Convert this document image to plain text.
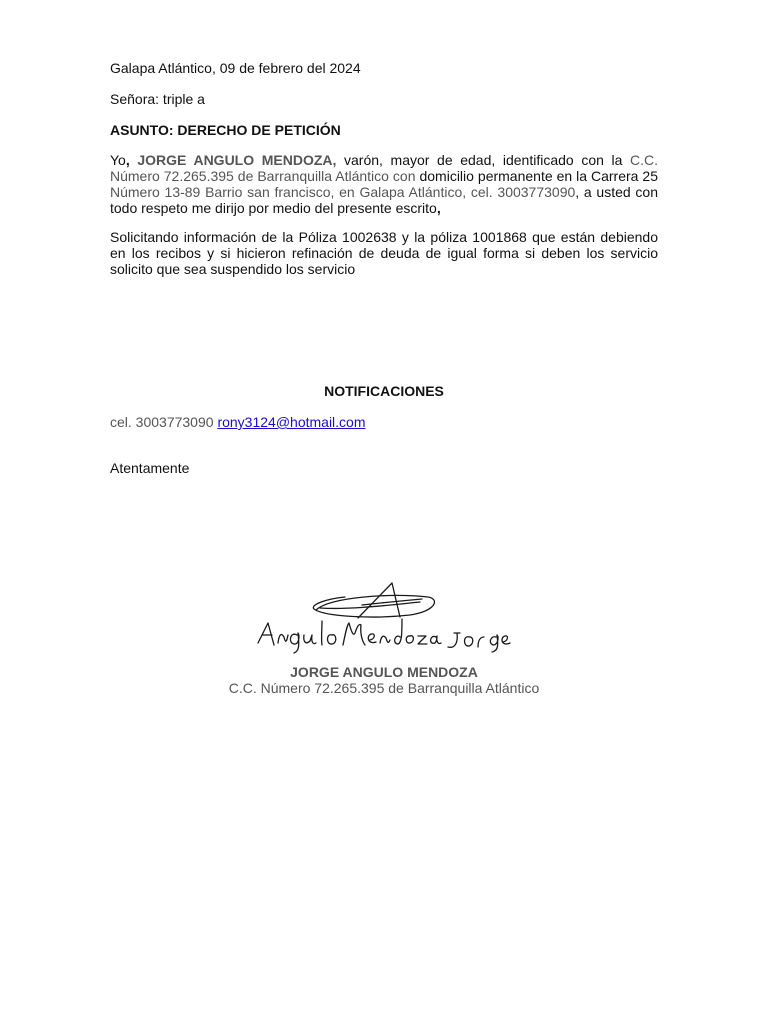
Galapa Atlántico, 09 de febrero del 2024
Señora: triple a
ASUNTO: DERECHO DE PETICIÓN
Yo, JORGE ANGULO MENDOZA, varón, mayor de edad, identificado con la C.C. Número 72.265.395 de Barranquilla Atlántico con domicilio permanente en la Carrera 25 Número 13-89 Barrio san francisco, en Galapa Atlántico, cel. 3003773090, a usted con todo respeto me dirijo por medio del presente escrito,
Solicitando información de la Póliza 1002638 y la póliza 1001868 que están debiendo en los recibos y si hicieron refinación de deuda de igual forma si deben los servicio solicito que sea suspendido los servicio
NOTIFICACIONES
cel. 3003773090 rony3124@hotmail.com
Atentamente
JORGE ANGULO MENDOZA
C.C. Número 72.265.395 de Barranquilla Atlántico
